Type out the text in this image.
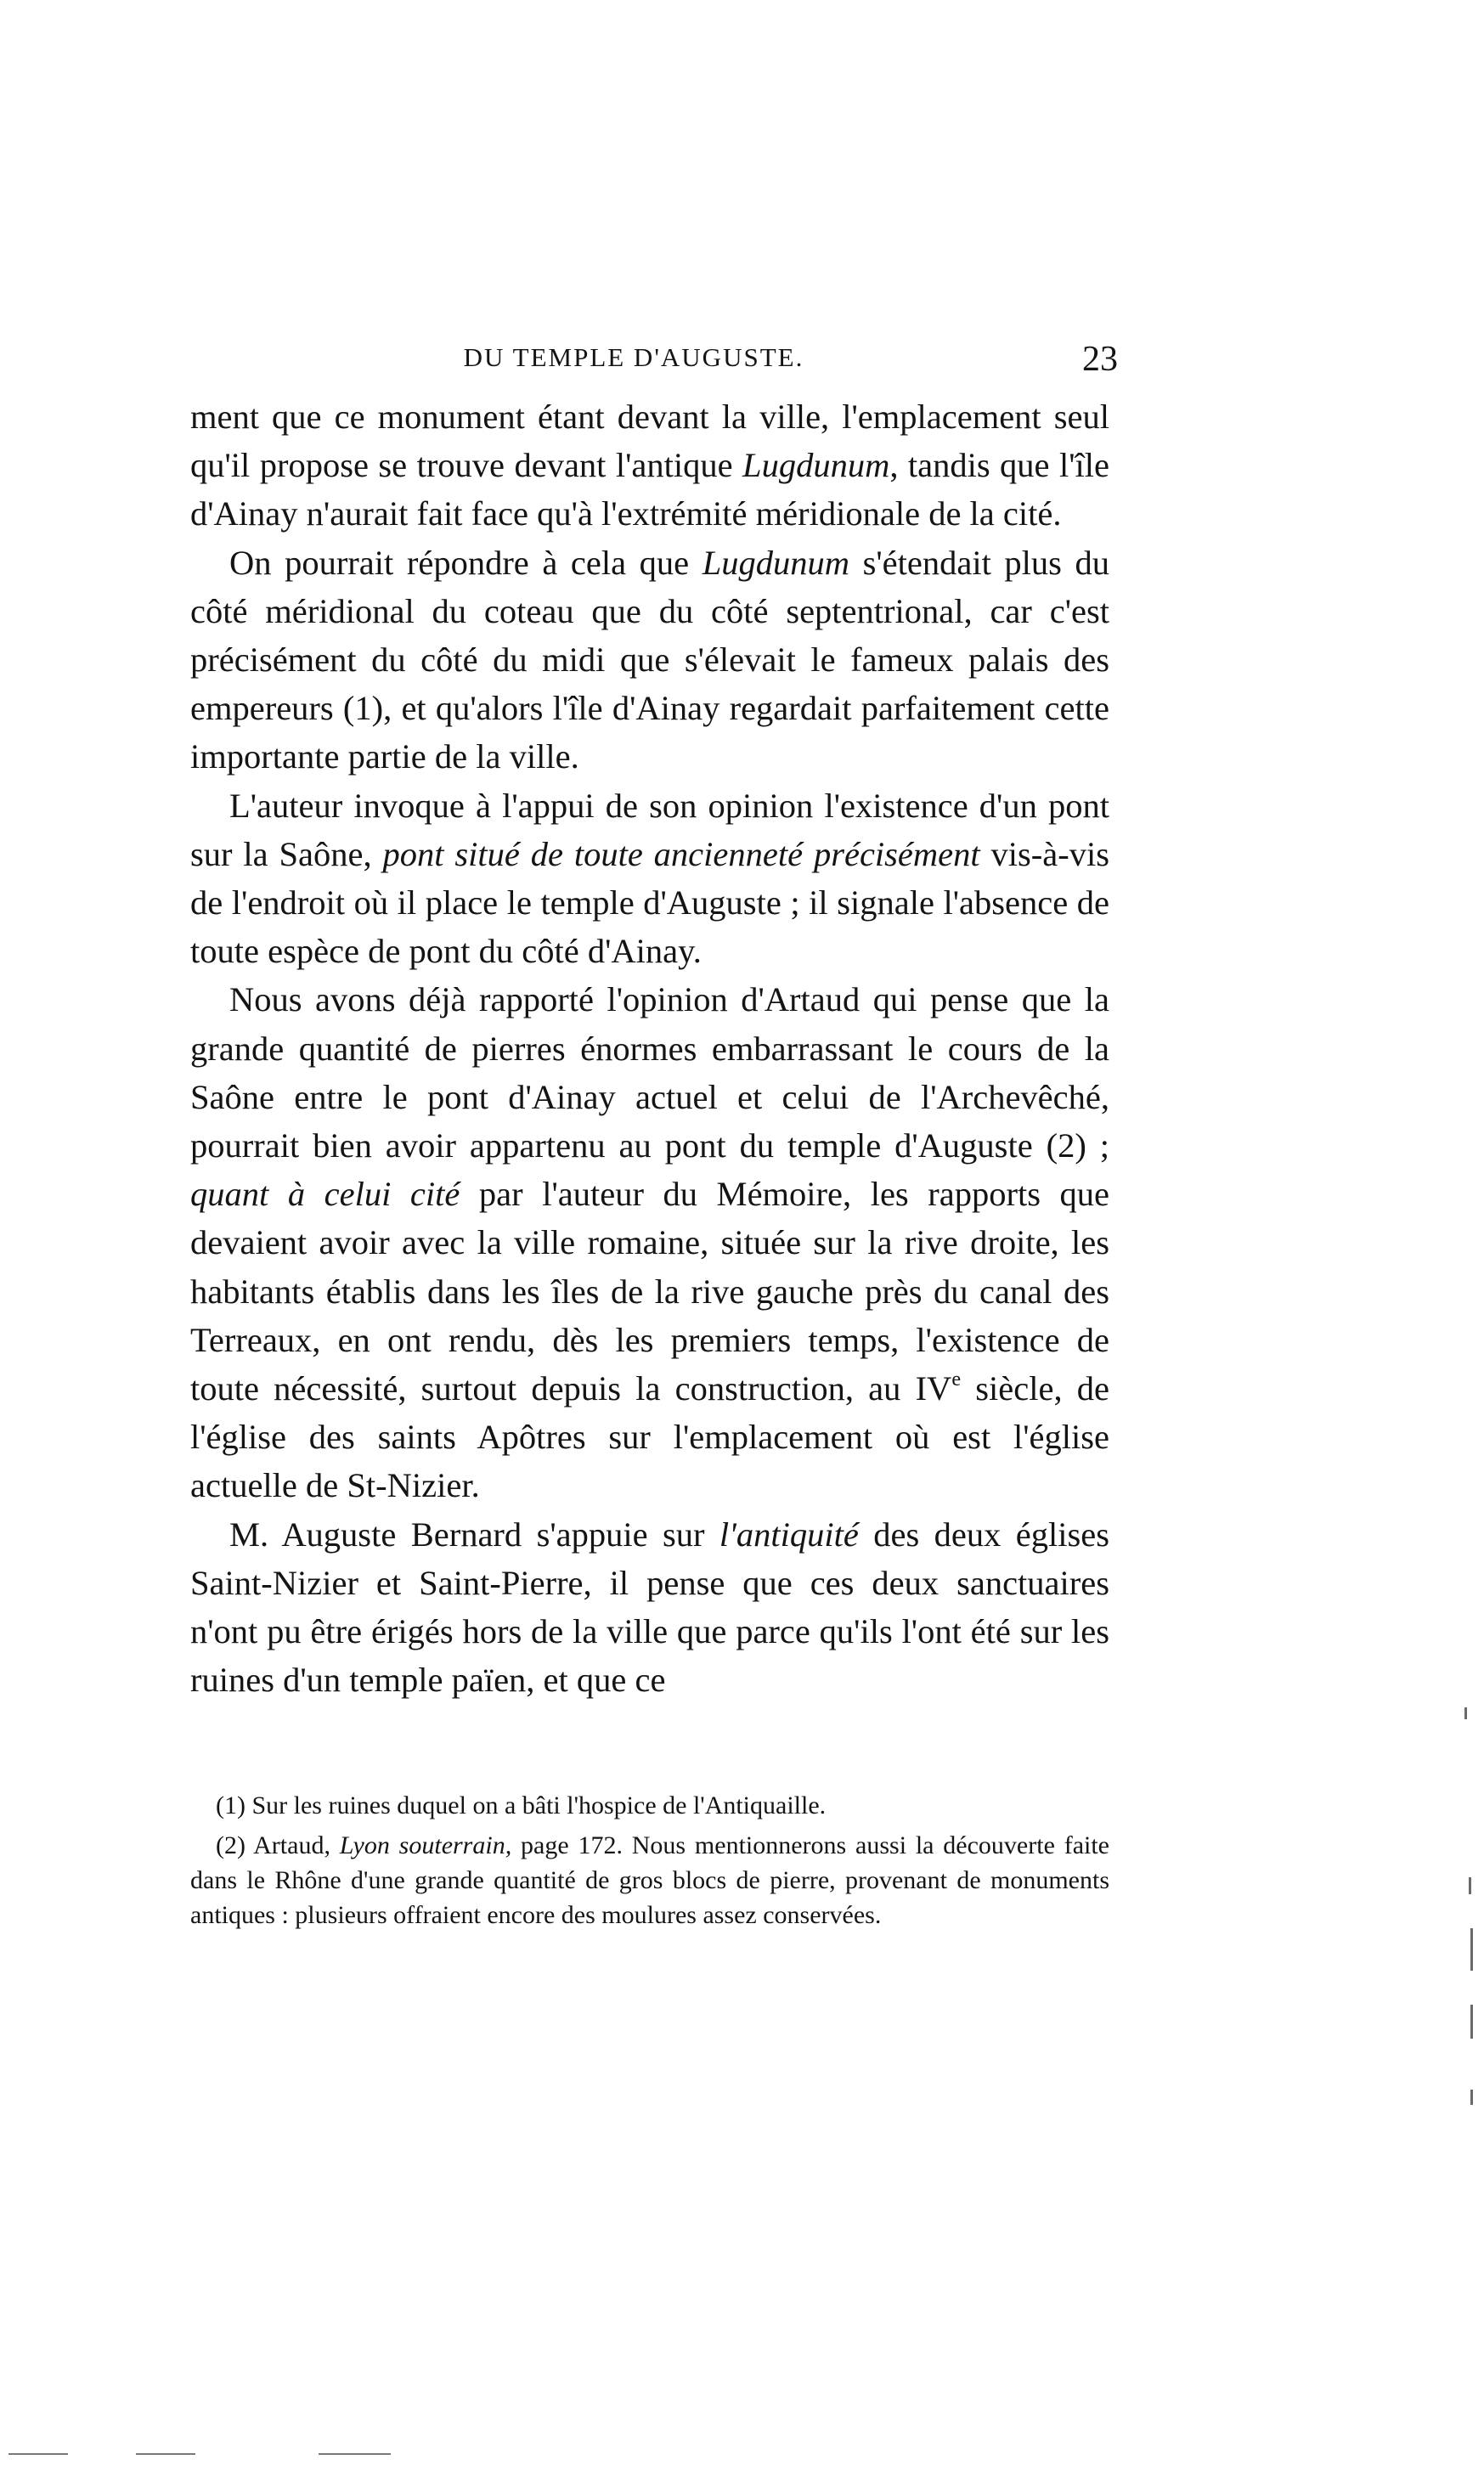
DU TEMPLE D'AUGUSTE.	23

ment que ce monument étant devant la ville, l'emplacement seul qu'il propose se trouve devant l'antique Lugdunum, tandis que l'île d'Ainay n'aurait fait face qu'à l'extrémité méridionale de la cité.

On pourrait répondre à cela que Lugdunum s'étendait plus du côté méridional du coteau que du côté septentrional, car c'est précisément du côté du midi que s'élevait le fameux palais des empereurs (1), et qu'alors l'île d'Ainay regardait parfaitement cette importante partie de la ville.

L'auteur invoque à l'appui de son opinion l'existence d'un pont sur la Saône, pont situé de toute ancienneté précisément vis-à-vis de l'endroit où il place le temple d'Auguste ; il signale l'absence de toute espèce de pont du côté d'Ainay.

Nous avons déjà rapporté l'opinion d'Artaud qui pense que la grande quantité de pierres énormes embarrassant le cours de la Saône entre le pont d'Ainay actuel et celui de l'Archevêché, pourrait bien avoir appartenu au pont du temple d'Auguste (2) ; quant à celui cité par l'auteur du Mémoire, les rapports que devaient avoir avec la ville romaine, située sur la rive droite, les habitants établis dans les îles de la rive gauche près du canal des Terreaux, en ont rendu, dès les premiers temps, l'existence de toute nécessité, surtout depuis la construction, au IVe siècle, de l'église des saints Apôtres sur l'emplacement où est l'église actuelle de St-Nizier.

M. Auguste Bernard s'appuie sur l'antiquité des deux églises Saint-Nizier et Saint-Pierre, il pense que ces deux sanctuaires n'ont pu être érigés hors de la ville que parce qu'ils l'ont été sur les ruines d'un temple païen, et que ce

(1) Sur les ruines duquel on a bâti l'hospice de l'Antiquaille.

(2) Artaud, Lyon souterrain, page 172. Nous mentionnerons aussi la découverte faite dans le Rhône d'une grande quantité de gros blocs de pierre, provenant de monuments antiques : plusieurs offraient encore des moulures assez conservées.
